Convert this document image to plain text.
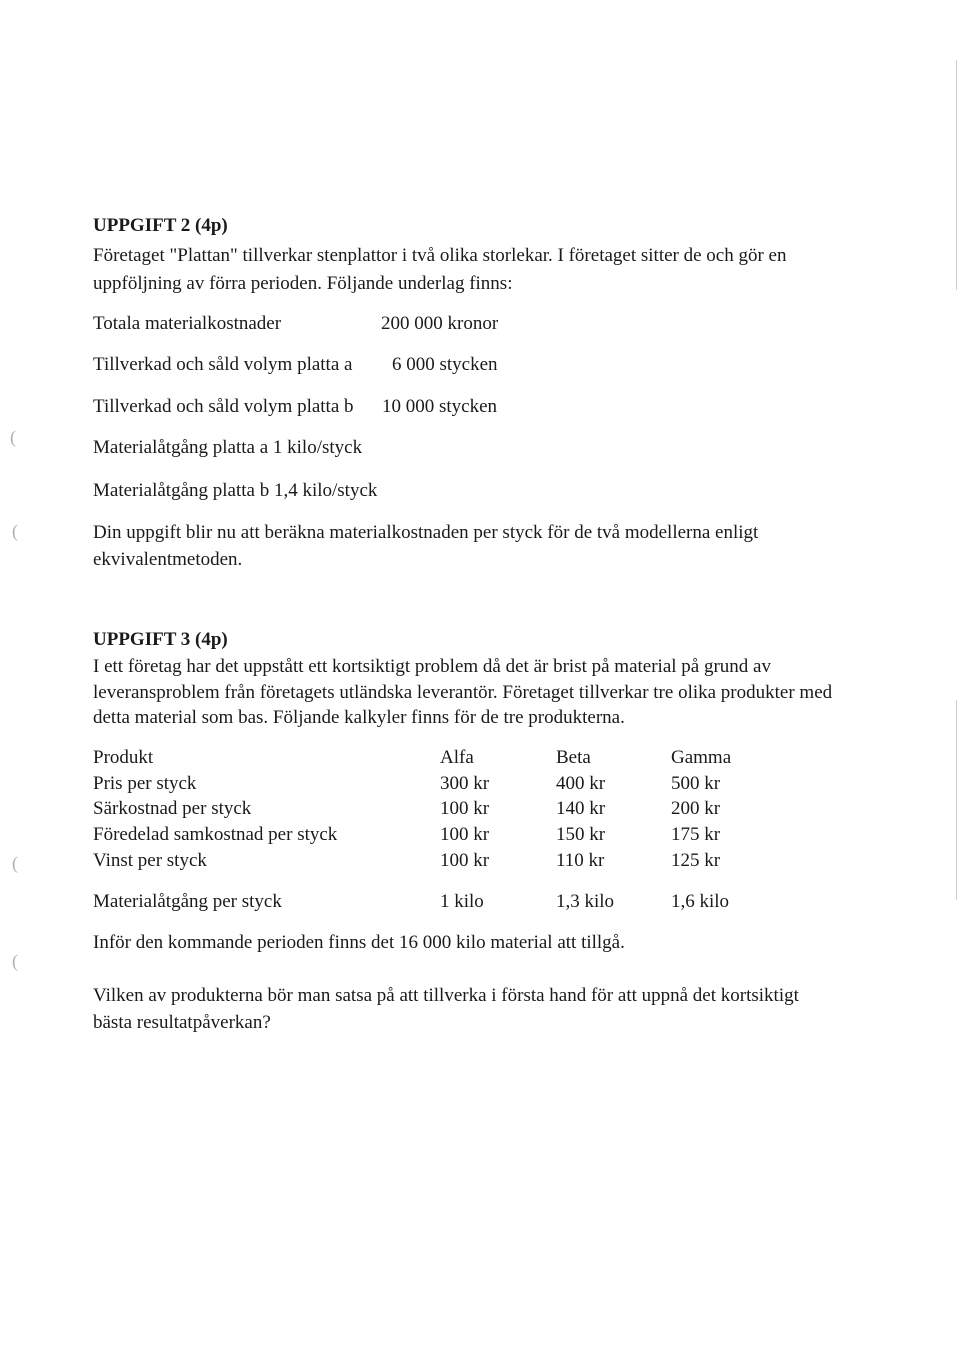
(
(
(
(
UPPGIFT 2 (4p)
Företaget "Plattan" tillverkar stenplattor i två olika storlekar. I företaget sitter de och gör en
uppföljning av förra perioden. Följande underlag finns:
Totala materialkostnader	200 000 kronor
Tillverkad och såld volym platta a 6 000 stycken
Tillverkad och såld volym platta b 10 000 stycken
Materialåtgång platta a 1 kilo/styck
Materialåtgång platta b 1,4 kilo/styck
Din uppgift blir nu att beräkna materialkostnaden per styck för de två modellerna enligt
ekvivalentmetoden.
UPPGIFT 3 (4p)
I ett företag har det uppstått ett kortsiktigt problem då det är brist på material på grund av
leveransproblem från företagets utländska leverantör. Företaget tillverkar tre olika produkter med
detta material som bas. Följande kalkyler finns för de tre produkterna.
Produkt	Alfa	Beta	Gamma
Pris per styck	300 kr	400 kr	500 kr
Särkostnad per styck	100 kr	140 kr	200 kr
Föredelad samkostnad per styck	100 kr	150 kr	175 kr
Vinst per styck	100 kr	110 kr	125 kr
Materialåtgång per styck	1 kilo	1,3 kilo	1,6 kilo
Inför den kommande perioden finns det 16 000 kilo material att tillgå.
Vilken av produkterna bör man satsa på att tillverka i första hand för att uppnå det kortsiktigt
bästa resultatpåverkan?
